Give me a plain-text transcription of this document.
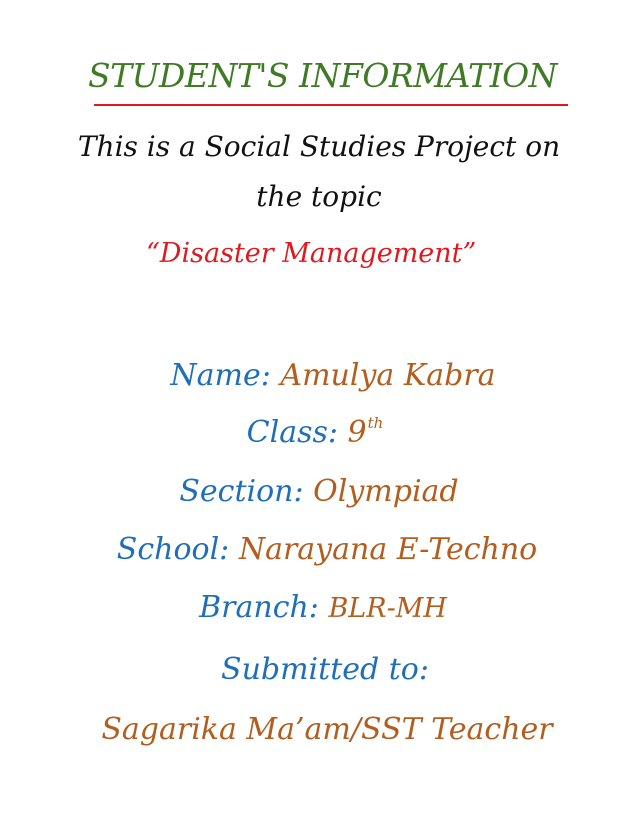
STUDENT'S INFORMATION
This is a Social Studies Project on
the topic
“Disaster Management”
Name: Amulya Kabra
Class: 9th
Section: Olympiad
School: Narayana E-Techno
Branch: BLR-MH
Submitted to:
Sagarika Ma’am/SST Teacher
